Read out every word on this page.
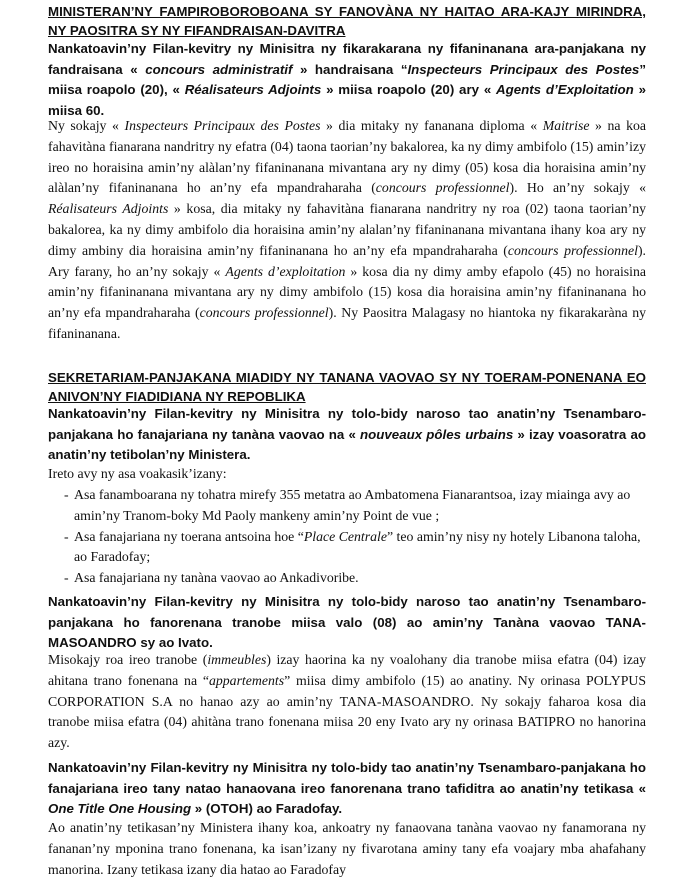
MINISTERAN’NY FAMPIROBOROBOANA SY FANOVÀNA NY HAITAO ARA-KAJY MIRINDRA, NY PAOSITRA SY NY FIFANDRAISAN-DAVITRA

Nankatoavin’ny Filan-kevitry ny Minisitra ny fikarakarana ny fifaninanana ara-panjakana ny fandraisana « concours administratif » handraisana “Inspecteurs Principaux des Postes” miisa roapolo (20), « Réalisateurs Adjoints » miisa roapolo (20) ary « Agents d’Exploitation » miisa 60.

Ny sokajy « Inspecteurs Principaux des Postes » dia mitaky ny fananana diploma « Maitrise » na koa fahavitàna fianarana nandritry ny efatra (04) taona taorian’ny bakalorea, ka ny dimy ambifolo (15) amin’izy ireo no horaisina amin’ny alàlan’ny fifaninanana mivantana ary ny dimy (05) kosa dia horaisina amin’ny alàlan’ny fifaninanana ho an’ny efa mpandraharaha (concours professionnel). Ho an’ny sokajy « Réalisateurs Adjoints » kosa, dia mitaky ny fahavitàna fianarana nandritry ny roa (02) taona taorian’ny bakalorea, ka ny dimy ambifolo dia horaisina amin’ny alalan’ny fifaninanana mivantana ihany koa ary ny dimy ambiny dia horaisina amin’ny fifaninanana ho an’ny efa mpandraharaha (concours professionnel). Ary farany, ho an’ny sokajy « Agents d’exploitation » kosa dia ny dimy amby efapolo (45) no horaisina amin’ny fifaninanana mivantana ary ny dimy ambifolo (15) kosa dia horaisina amin’ny fifaninanana ho an’ny efa mpandraharaha (concours professionnel). Ny Paositra Malagasy no hiantoka ny fikarakaràna ny fifaninanana.

SEKRETARIAM-PANJAKANA MIADIDY NY TANANA VAOVAO SY NY TOERAM-PONENANA EO ANIVON’NY FIADIDIANA NY REPOBLIKA

Nankatoavin’ny Filan-kevitry ny Minisitra ny tolo-bidy naroso tao anatin’ny Tsenambaro-panjakana ho fanajariana ny tanàna vaovao na « nouveaux pôles urbains » izay voasoratra ao anatin’ny tetibolan’ny Ministera.

Ireto avy ny asa voakasik’izany:

- Asa fanamboarana ny tohatra mirefy 355 metatra ao Ambatomena Fianarantsoa, izay miainga avy ao amin’ny Tranom-boky Md Paoly mankeny amin’ny Point de vue ;
- Asa fanajariana ny toerana antsoina hoe “Place Centrale” teo amin’ny nisy ny hotely Libanona taloha, ao Faradofay;
- Asa fanajariana ny tanàna vaovao ao Ankadivoribe.

Nankatoavin’ny Filan-kevitry ny Minisitra ny tolo-bidy naroso tao anatin’ny Tsenambaro-panjakana ho fanorenana tranobe miisa valo (08) ao amin’ny Tanàna vaovao TANA- MASOANDRO sy ao Ivato.

Misokajy roa ireo tranobe (immeubles) izay haorina ka ny voalohany dia tranobe miisa efatra (04) izay ahitana trano fonenana na “appartements” miisa dimy ambifolo (15) ao anatiny. Ny orinasa POLYPUS CORPORATION S.A no hanao azy ao amin’ny TANA-MASOANDRO. Ny sokajy faharoa kosa dia tranobe miisa efatra (04) ahitàna trano fonenana miisa 20 eny Ivato ary ny orinasa BATIPRO no hanorina azy.

Nankatoavin’ny Filan-kevitry ny Minisitra ny tolo-bidy tao anatin’ny Tsenambaro-panjakana ho fanajariana ireo tany natao hanaovana ireo fanorenana trano tafiditra ao anatin’ny tetikasa « One Title One Housing » (OTOH) ao Faradofay.

Ao anatin’ny tetikasan’ny Ministera ihany koa, ankoatry ny fanaovana tanàna vaovao ny fanamorana ny fananan’ny mponina trano fonenana, ka isan’izany ny fivarotana aminy tany efa voajary mba ahafahany manorina. Izany tetikasa izany dia hatao ao Faradofay
